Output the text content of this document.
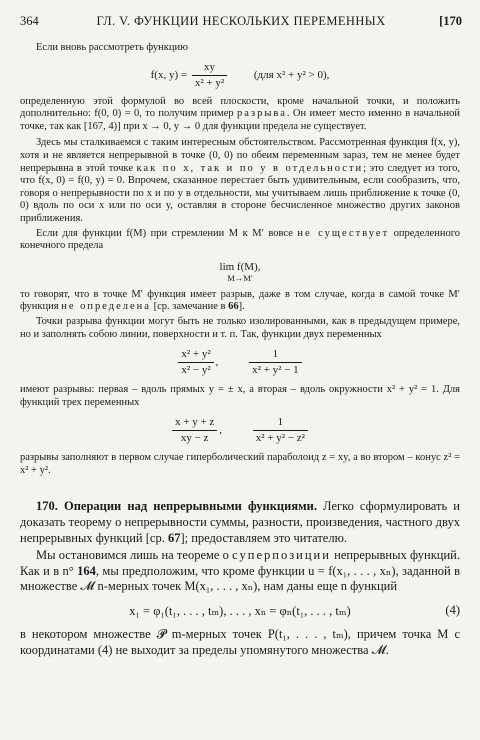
364	ГЛ. V. ФУНКЦИИ НЕСКОЛЬКИХ ПЕРЕМЕННЫХ	[170

Если вновь рассмотреть функцию

f(x, $y) = \frac{xy}{\text{x² + y²}} (для$ x² + y² > 0),

определенную этой формулой во всей плоскости, кроме начальной точки, и положить дополнительно: f(0, 0) = 0, то получим пример разрыва. Он имеет место именно в начальной точке, так как [167, 4)] при x → 0, y → 0 для функции предела не существует.

Здесь мы сталкиваемся с таким интересным обстоятельством. Рассмотренная функция f(x, y), хотя и не является непрерывной в точке (0, 0) по обеим переменным зараз, тем не менее будет непрерывна в этой точке как по x, так и по y в отдельности; это следует из того, что f(x, 0) = f(0, y) = 0. Впрочем, сказанное перестает быть удивительным, если сообразить, что, говоря о непрерывности по x и по y в отдельности, мы учитываем лишь приближение к точке (0, 0) вдоль по оси x или по оси y, оставляя в стороне бесчисленное множество других законов приближения.

Если для функции f(M) при стремлении M к M′ вовсе не существует определенного конечного предела

lim f(M),
M→M′

то говорят, что в точке M′ функция имеет разрыв, даже в том случае, когда в самой точке M′ функция не определена [ср. замечание в 66].

Точки разрыва функции могут быть не только изолированными, как в предыдущем примере, но и заполнять собою линии, поверхности и т. п. Так, функции двух переменных

$\frac{\text{x² + y²}}{\text{x² − y²}}$ ,	$\frac{1}{\text{x² + y² − 1}}$

имеют разрывы: первая – вдоль прямых y = ± x, а вторая – вдоль окружности x² + y² = 1. Для функций трех переменных

$\frac{x + y + z}{xy - z}$ ,	$\frac{1}{\text{x² + y² − z²}}$

разрывы заполняют в первом случае гиперболический параболоид z = xy, а во втором – конус z² = x² + y².

170. Операции над непрерывными функциями. Легко сформулировать и доказать теорему о непрерывности суммы, разности, произведения, частного двух непрерывных функций [ср. 67]; предоставляем это читателю.

Мы остановимся лишь на теореме о суперпозиции непрерывных функций. Как и в n° 164, мы предположим, что кроме функции u = f(x₁, . . . , xₙ), заданной в множестве 𝓜 n-мерных точек M(x₁, . . . , xₙ), нам даны еще n функций

x₁ = φ₁(t₁, . . . , tₘ), . . . , xₙ = φₙ(t₁, . . . , tₘ)	(4)

в некотором множестве 𝓟 m-мерных точек P(t₁, . . . , tₘ), причем точка M с координатами (4) не выходит за пределы упомянутого множества 𝓜.
